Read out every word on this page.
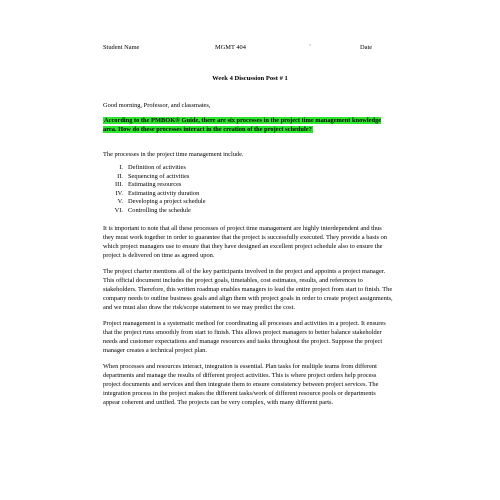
Student Name	MGMT 404	`	Date
Week 4 Discussion Post # 1

Good morning, Professor, and classmates,

According to the PMBOK® Guide, there are six processes in the project time management knowledge area. How do these processes interact in the creation of the project schedule?

The processes in the project time management include.

I. Definition of activities
II. Sequencing of activities
III. Estimating resources
IV. Estimating activity duration
V. Developing a project schedule
VI. Controlling the schedule

It is important to note that all these processes of project time management are highly interdependent and thus they must work together in order to guarantee that the project is successfully executed. They provide a basis on which project managers use to ensure that they have designed an excellent project schedule also to ensure the project is delivered on time as agreed upon.

The project charter mentions all of the key participants involved in the project and appoints a project manager. This official document includes the project goals, timetables, cost estimates, results, and references to stakeholders. Therefore, this written roadmap enables managers to lead the entire project from start to finish. The company needs to outline business goals and align them with project goals in order to create project assignments, and we must also draw the risk/scope statement to we may predict the cost.

Project management is a systematic method for coordinating all processes and activities in a project. It ensures that the project runs smoothly from start to finish. This allows project managers to better balance stakeholder needs and customer expectations and manage resources and tasks throughout the project. Suppose the project manager creates a technical project plan.

When processes and resources interact, integration is essential. Plan tasks for multiple teams from different departments and manage the results of different project activities. This is where project orders help process project documents and services and then integrate them to ensure consistency between project services. The integration process in the project makes the different tasks/work of different resource pools or departments appear coherent and unified. The projects can be very complex, with many different parts.
